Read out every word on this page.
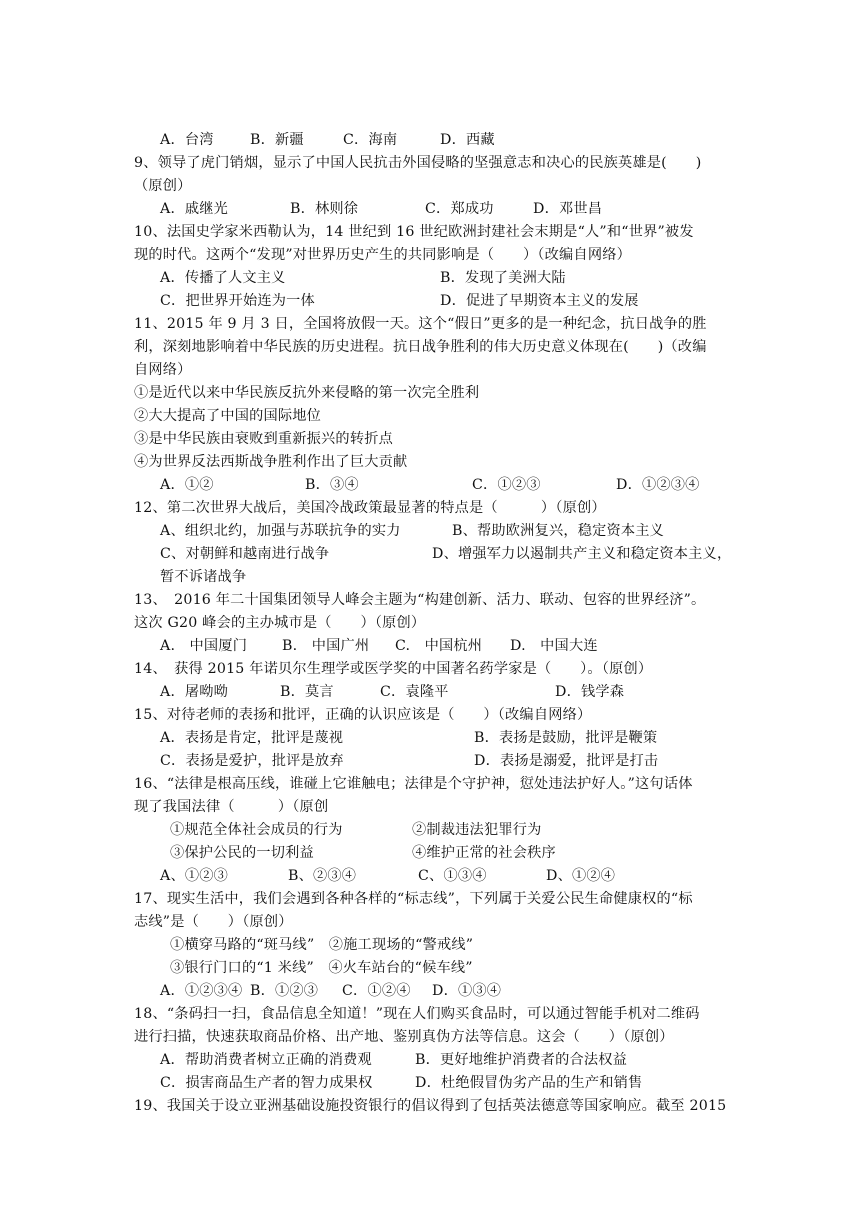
A．台湾	B．新疆	C．海南	D．西藏
9、领导了虎门销烟，显示了中国人民抗击外国侵略的坚强意志和决心的民族英雄是(　　)
（原创）
A．戚继光	B．林则徐	C．郑成功	D．邓世昌
10、法国史学家米西勒认为，14 世纪到 16 世纪欧洲封建社会末期是“人”和“世界”被发
现的时代。这两个“发现”对世界历史产生的共同影响是（　　）（改编自网络）
A．传播了人文主义	B．发现了美洲大陆
C．把世界开始连为一体	D．促进了早期资本主义的发展
11、2015 年 9 月 3 日，全国将放假一天。这个“假日”更多的是一种纪念，抗日战争的胜
利，深刻地影响着中华民族的历史进程。抗日战争胜利的伟大历史意义体现在(　　)（改编
自网络）
①是近代以来中华民族反抗外来侵略的第一次完全胜利
②大大提高了中国的国际地位
③是中华民族由衰败到重新振兴的转折点
④为世界反法西斯战争胜利作出了巨大贡献
A．①②	B．③④	C．①②③	D．①②③④
12、第二次世界大战后，美国冷战政策最显著的特点是（　　　）（原创）
A、组织北约，加强与苏联抗争的实力	B、帮助欧洲复兴，稳定资本主义
C、对朝鲜和越南进行战争	D、增强军力以遏制共产主义和稳定资本主义，
暂不诉诸战争
13、　2016 年二十国集团领导人峰会主题为“构建创新、活力、联动、包容的世界经济”。
这次 G20 峰会的主办城市是（　　）（原创）
A.　中国厦门 B.　中国广州 C.　中国杭州 D.　中国大连
14、　获得 2015 年诺贝尔生理学或医学奖的中国著名药学家是（　　）。（原创）
A．屠呦呦	B．莫言	C．袁隆平	D．钱学森
15、对待老师的表扬和批评，正确的认识应该是（　　）（改编自网络）
A．表扬是肯定，批评是蔑视	B．表扬是鼓励，批评是鞭策
C．表扬是爱护，批评是放弃	D．表扬是溺爱，批评是打击
16、“法律是根高压线，谁碰上它谁触电；法律是个守护神，愆处违法护好人。”这句话体
现了我国法律（　　　）（原创
①规范全体社会成员的行为	②制裁违法犯罪行为
③保护公民的一切利益	④维护正常的社会秩序
A、①②③	B、②③④	C、①③④	D、①②④
17、现实生活中，我们会遇到各种各样的“标志线”，下列属于关爱公民生命健康权的“标
志线”是（　　）（原创）
①横穿马路的“斑马线”　②施工现场的“警戒线”
③银行门口的“1 米线”　④火车站台的“候车线”
A．①②③④ B．①②③ C．①②④ D．①③④
18、“条码扫一扫，食品信息全知道！”现在人们购买食品时，可以通过智能手机对二维码
进行扫描，快速获取商品价格、出产地、鉴别真伪方法等信息。这会（　　）（原创）
A．帮助消费者树立正确的消费观	B．更好地维护消费者的合法权益
C．损害商品生产者的智力成果权	D．杜绝假冒伪劣产品的生产和销售
19、我国关于设立亚洲基础设施投资银行的倡议得到了包括英法德意等国家响应。截至 2015
